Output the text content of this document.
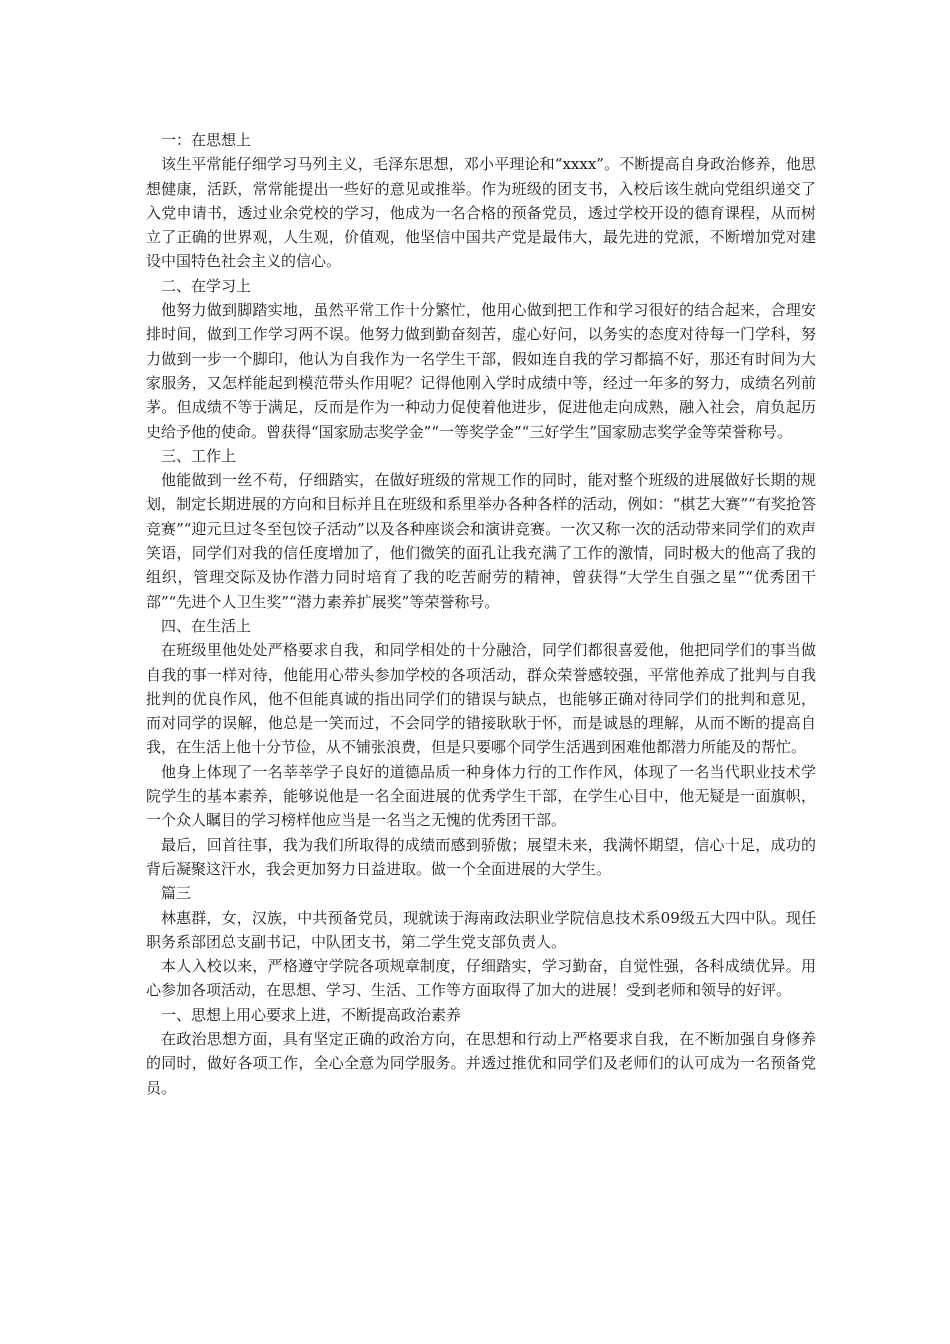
一：在思想上

该生平常能仔细学习马列主义，毛泽东思想，邓小平理论和“xxxx”。不断提高自身政治修养，他思想健康，活跃，常常能提出一些好的意见或推举。作为班级的团支书，入校后该生就向党组织递交了入党申请书，透过业余党校的学习，他成为一名合格的预备党员，透过学校开设的德育课程，从而树立了正确的世界观，人生观，价值观，他坚信中国共产党是最伟大，最先进的党派，不断增加党对建设中国特色社会主义的信心。

二、在学习上

他努力做到脚踏实地，虽然平常工作十分繁忙，他用心做到把工作和学习很好的结合起来，合理安排时间，做到工作学习两不误。他努力做到勤奋刻苦，虚心好问，以务实的态度对待每一门学科，努力做到一步一个脚印，他认为自我作为一名学生干部，假如连自我的学习都搞不好，那还有时间为大家服务，又怎样能起到模范带头作用呢？记得他刚入学时成绩中等，经过一年多的努力，成绩名列前茅。但成绩不等于满足，反而是作为一种动力促使着他进步，促进他走向成熟，融入社会，肩负起历史给予他的使命。曾获得“国家励志奖学金”“一等奖学金”“三好学生”国家励志奖学金等荣誉称号。

三、工作上

他能做到一丝不苟，仔细踏实，在做好班级的常规工作的同时，能对整个班级的进展做好长期的规划，制定长期进展的方向和目标并且在班级和系里举办各种各样的活动，例如：“棋艺大赛”“有奖抢答竞赛”“迎元旦过冬至包饺子活动”以及各种座谈会和演讲竞赛。一次又称一次的活动带来同学们的欢声笑语，同学们对我的信任度增加了，他们微笑的面孔让我充满了工作的激情，同时极大的他高了我的组织，管理交际及协作潜力同时培育了我的吃苦耐劳的精神，曾获得“大学生自强之星”“优秀团干部”“先进个人卫生奖”“潜力素养扩展奖”等荣誉称号。

四、在生活上

在班级里他处处严格要求自我，和同学相处的十分融洽，同学们都很喜爱他，他把同学们的事当做自我的事一样对待，他能用心带头参加学校的各项活动，群众荣誉感较强，平常他养成了批判与自我批判的优良作风，他不但能真诚的指出同学们的错误与缺点，也能够正确对待同学们的批判和意见，而对同学的误解，他总是一笑而过，不会同学的错接耿耿于怀，而是诚恳的理解，从而不断的提高自我，在生活上他十分节俭，从不铺张浪费，但是只要哪个同学生活遇到困难他都潜力所能及的帮忙。

他身上体现了一名莘莘学子良好的道德品质一种身体力行的工作作风，体现了一名当代职业技术学院学生的基本素养，能够说他是一名全面进展的优秀学生干部，在学生心目中，他无疑是一面旗帜，一个众人瞩目的学习榜样他应当是一名当之无愧的优秀团干部。

最后，回首往事，我为我们所取得的成绩而感到骄傲；展望未来，我满怀期望，信心十足，成功的背后凝聚这汗水，我会更加努力日益进取。做一个全面进展的大学生。

篇三

林惠群，女，汉族，中共预备党员，现就读于海南政法职业学院信息技术系09级五大四中队。现任职务系部团总支副书记，中队团支书，第二学生党支部负责人。

本人入校以来，严格遵守学院各项规章制度，仔细踏实，学习勤奋，自觉性强，各科成绩优异。用心参加各项活动，在思想、学习、生活、工作等方面取得了加大的进展！受到老师和领导的好评。

一、思想上用心要求上进，不断提高政治素养

在政治思想方面，具有坚定正确的政治方向，在思想和行动上严格要求自我，在不断加强自身修养的同时，做好各项工作，全心全意为同学服务。并透过推优和同学们及老师们的认可成为一名预备党员。
